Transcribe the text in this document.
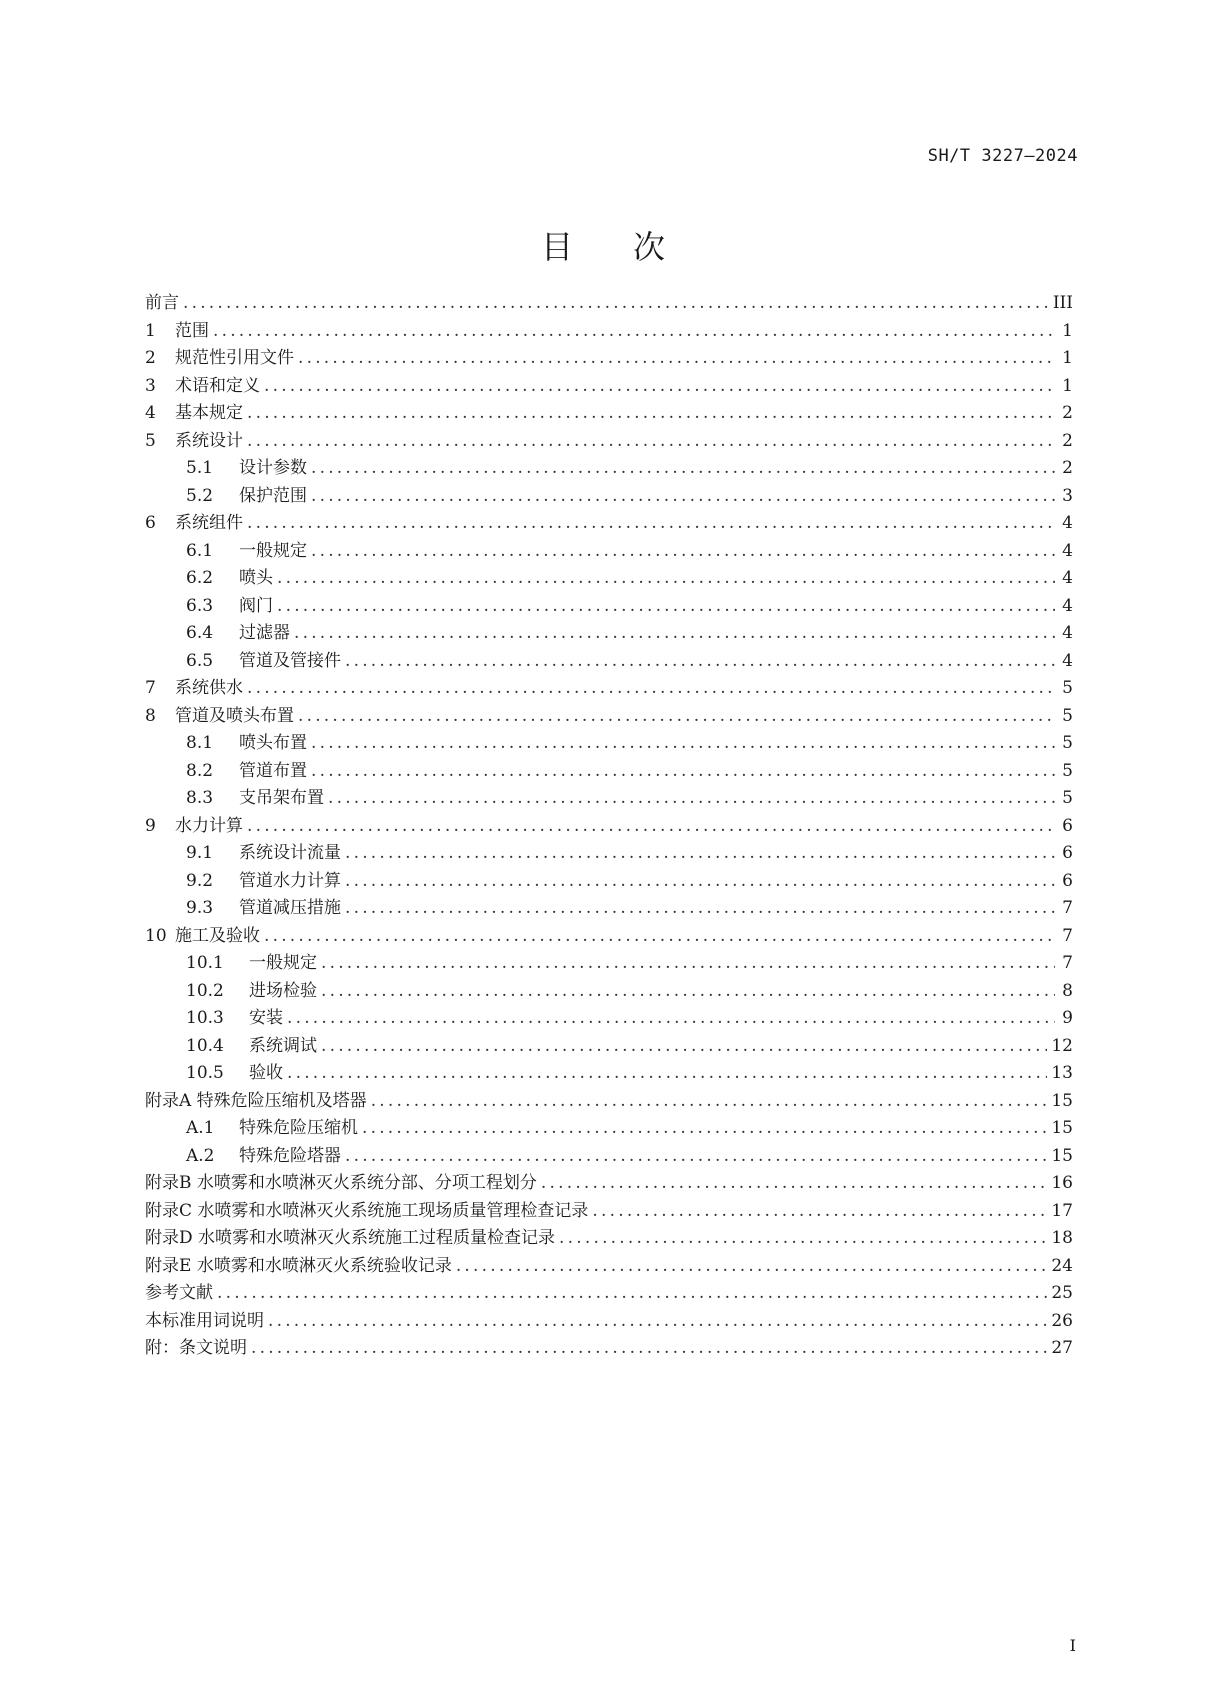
SH/T 3227—2024
目 次
前言 .....	III
1	范围 .....	1
2	规范性引用文件 .....	1
3	术语和定义 .....	1
4	基本规定 .....	2
5	系统设计 .....	2
5.1	设计参数 .....	2
5.2	保护范围 .....	3
6	系统组件 .....	4
6.1	一般规定 .....	4
6.2	喷头 .....	4
6.3	阀门 .....	4
6.4	过滤器 .....	4
6.5	管道及管接件 .....	4
7	系统供水 .....	5
8	管道及喷头布置 .....	5
8.1	喷头布置 .....	5
8.2	管道布置 .....	5
8.3	支吊架布置 .....	5
9	水力计算 .....	6
9.1	系统设计流量 .....	6
9.2	管道水力计算 .....	6
9.3	管道减压措施 .....	7
10 施工及验收 .....	7
10.1	一般规定 .....	7
10.2	进场检验 .....	8
10.3	安装 .....	9
10.4	系统调试 .....	12
10.5	验收 .....	13
附录A 特殊危险压缩机及塔器 .....	15
A.1	特殊危险压缩机 .....	15
A.2	特殊危险塔器 .....	15
附录B 水喷雾和水喷淋灭火系统分部、分项工程划分 .....	16
附录C 水喷雾和水喷淋灭火系统施工现场质量管理检查记录 .....	17
附录D 水喷雾和水喷淋灭火系统施工过程质量检查记录 .....	18
附录E 水喷雾和水喷淋灭火系统验收记录 .....	24
参考文献 .....	25
本标准用词说明 .....	26
附：条文说明 .....	27
I
